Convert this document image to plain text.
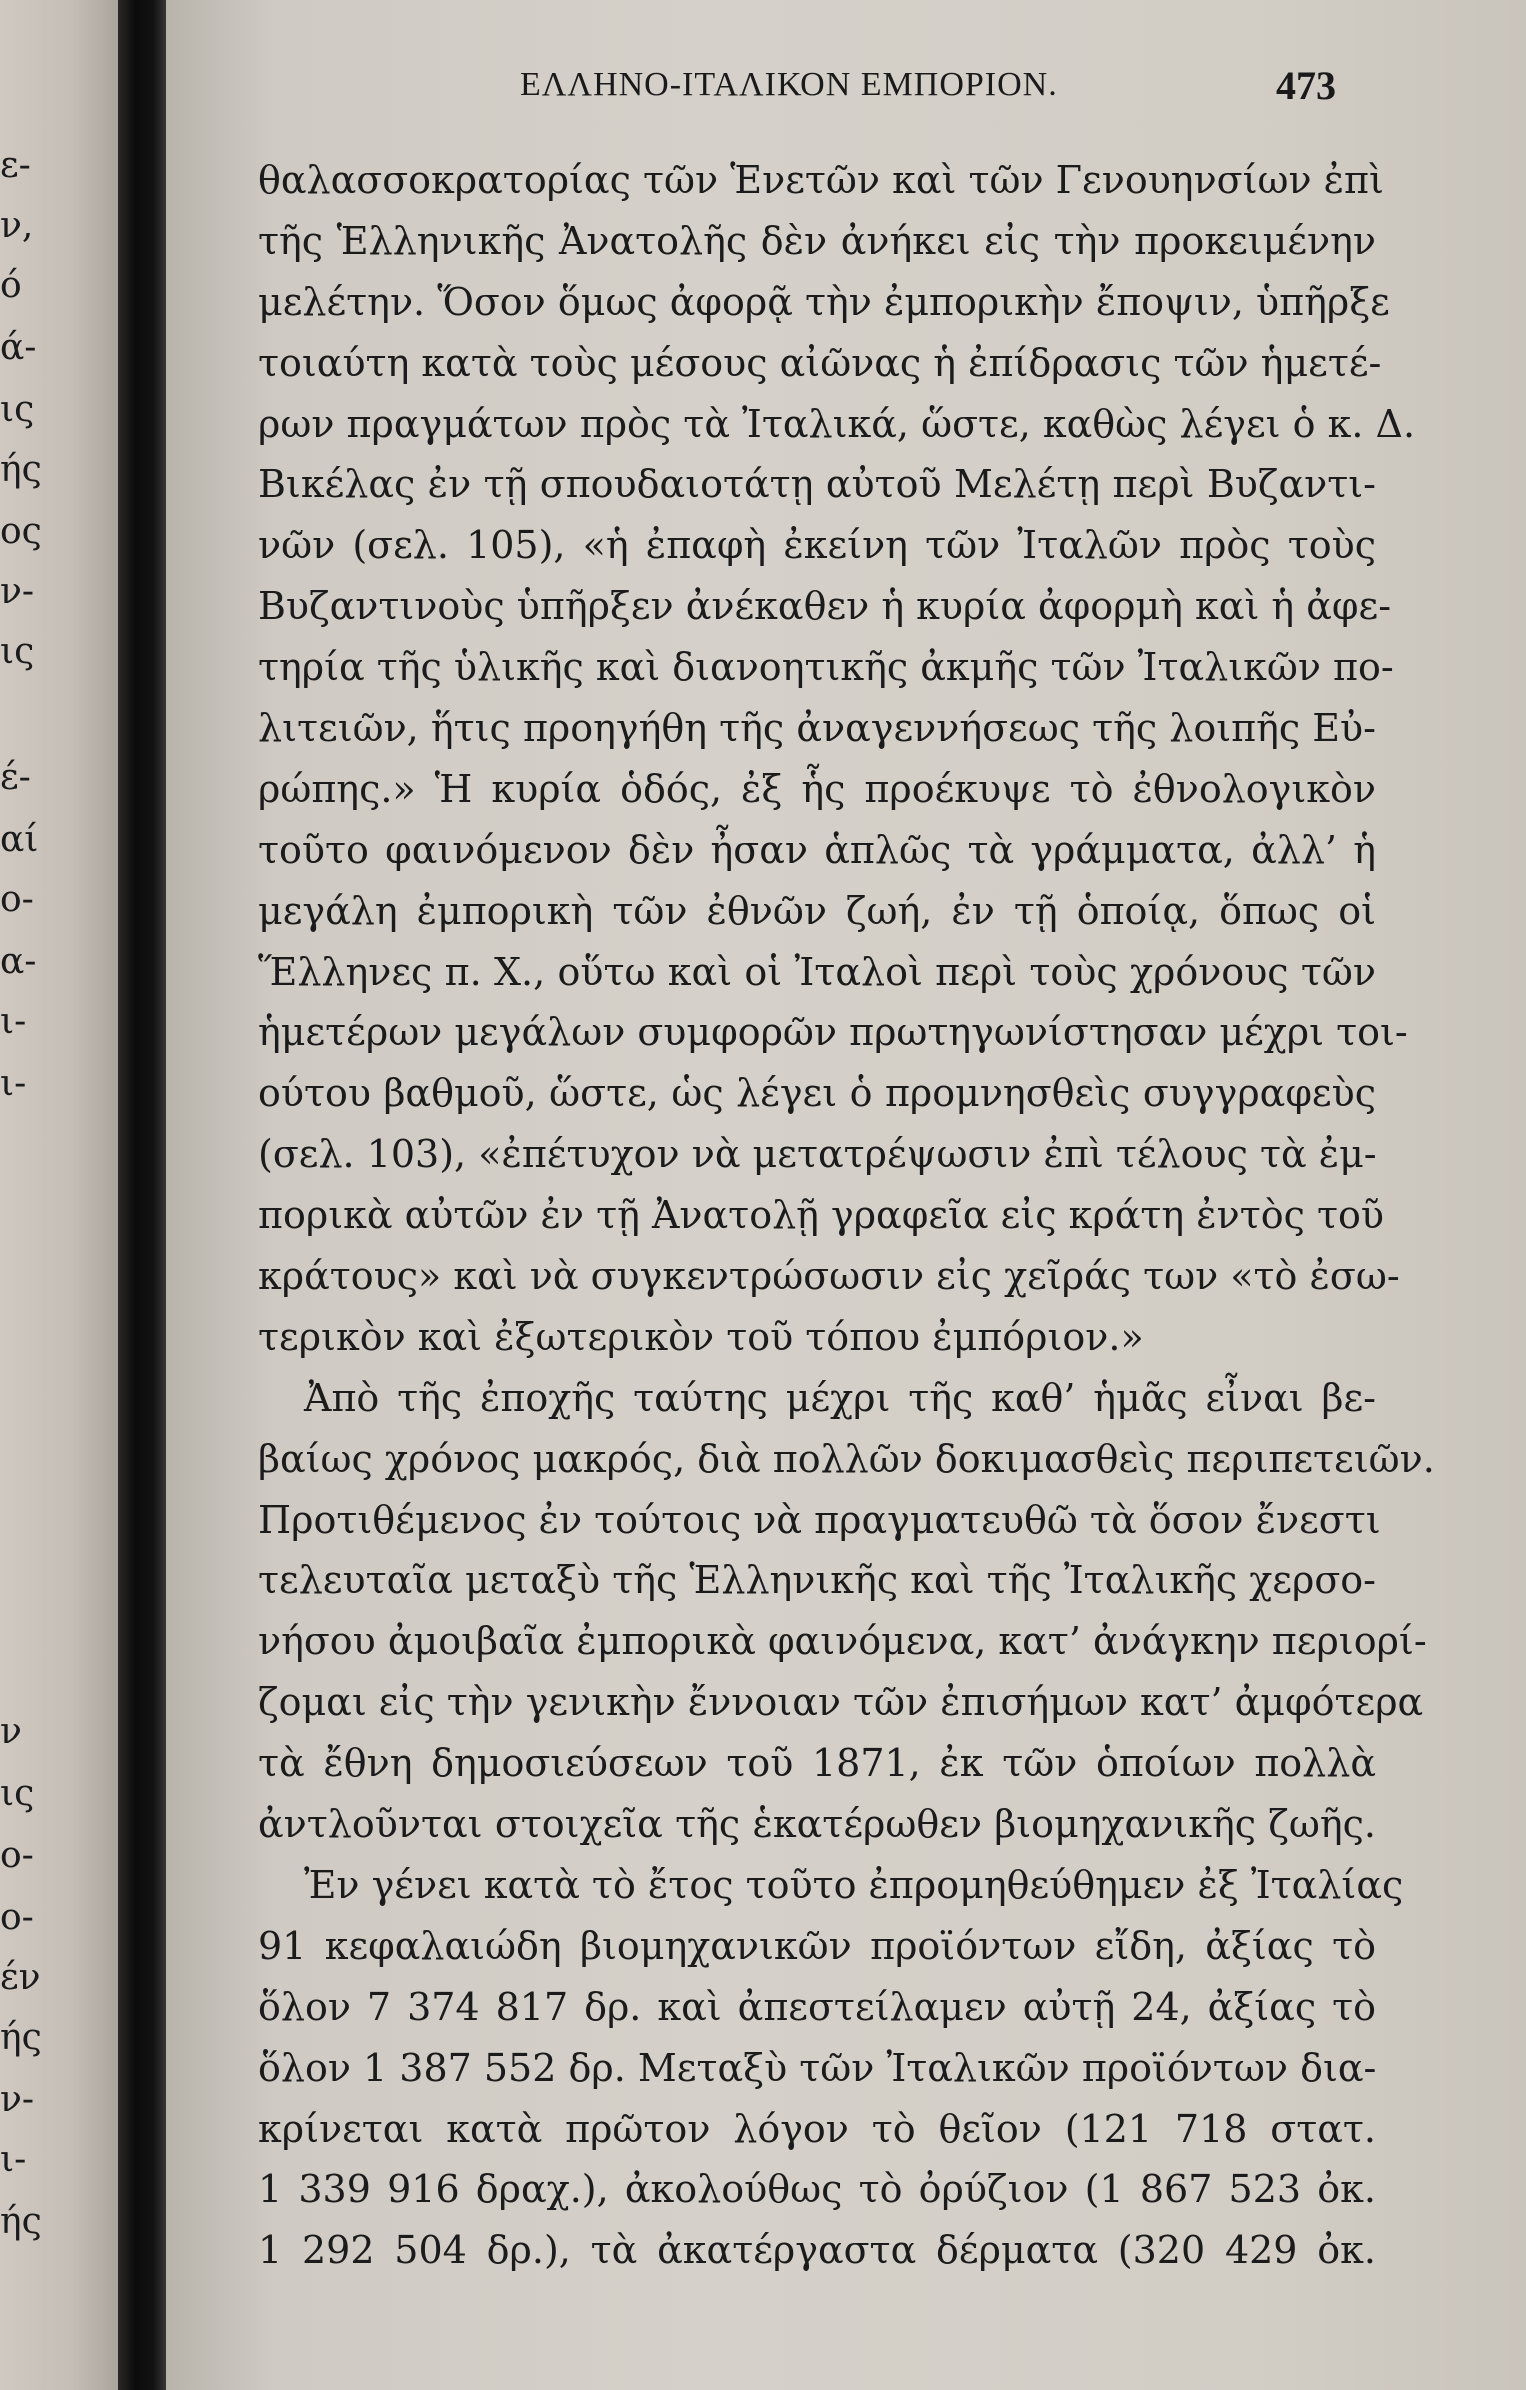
ε-
ν,
ό
ά-
ις
ής
ος
ν-
ις
έ-
αί
ο-
α-
ι-
ι-
ν
ις
ο-
ο-
έν
ής
ν-
ι-
ής
ΕΛΛΗΝΟ-ΙΤΑΛΙΚΟΝ ΕΜΠΟΡΙΟΝ.	473
θαλασσοκρατορίας τῶν Ἑνετῶν καὶ τῶν Γενουηνσίων ἐπὶ
τῆς Ἑλληνικῆς Ἀνατολῆς δὲν ἀνήκει εἰς τὴν προκειμένην
μελέτην. Ὅσον ὅμως ἀφορᾷ τὴν ἐμπορικὴν ἔποψιν, ὑπῆρξε
τοιαύτη κατὰ τοὺς μέσους αἰῶνας ἡ ἐπίδρασις τῶν ἡμετέ-
ρων πραγμάτων πρὸς τὰ Ἰταλικά, ὥστε, καθὼς λέγει ὁ κ. Δ.
Βικέλας ἐν τῇ σπουδαιοτάτῃ αὐτοῦ Μελέτῃ περὶ Βυζαντι-
νῶν (σελ. 105), «ἡ ἐπαφὴ ἐκείνη τῶν Ἰταλῶν πρὸς τοὺς
Βυζαντινοὺς ὑπῆρξεν ἀνέκαθεν ἡ κυρία ἀφορμὴ καὶ ἡ ἀφε-
τηρία τῆς ὑλικῆς καὶ διανοητικῆς ἀκμῆς τῶν Ἰταλικῶν πο-
λιτειῶν, ἥτις προηγήθη τῆς ἀναγεννήσεως τῆς λοιπῆς Εὐ-
ρώπης.» Ἡ κυρία ὁδός, ἐξ ἧς προέκυψε τὸ ἐθνολογικὸν
τοῦτο φαινόμενον δὲν ἦσαν ἁπλῶς τὰ γράμματα, ἀλλ’ ἡ
μεγάλη ἐμπορικὴ τῶν ἐθνῶν ζωή, ἐν τῇ ὁποίᾳ, ὅπως οἱ
Ἕλληνες π. Χ., οὕτω καὶ οἱ Ἰταλοὶ περὶ τοὺς χρόνους τῶν
ἡμετέρων μεγάλων συμφορῶν πρωτηγωνίστησαν μέχρι τοι-
ούτου βαθμοῦ, ὥστε, ὡς λέγει ὁ προμνησθεὶς συγγραφεὺς
(σελ. 103), «ἐπέτυχον νὰ μετατρέψωσιν ἐπὶ τέλους τὰ ἐμ-
πορικὰ αὐτῶν ἐν τῇ Ἀνατολῇ γραφεῖα εἰς κράτη ἐντὸς τοῦ
κράτους» καὶ νὰ συγκεντρώσωσιν εἰς χεῖράς των «τὸ ἐσω-
τερικὸν καὶ ἐξωτερικὸν τοῦ τόπου ἐμπόριον.»
Ἀπὸ τῆς ἐποχῆς ταύτης μέχρι τῆς καθ’ ἡμᾶς εἶναι βε-
βαίως χρόνος μακρός, διὰ πολλῶν δοκιμασθεὶς περιπετειῶν.
Προτιθέμενος ἐν τούτοις νὰ πραγματευθῶ τὰ ὅσον ἔνεστι
τελευταῖα μεταξὺ τῆς Ἑλληνικῆς καὶ τῆς Ἰταλικῆς χερσο-
νήσου ἀμοιβαῖα ἐμπορικὰ φαινόμενα, κατ’ ἀνάγκην περιορί-
ζομαι εἰς τὴν γενικὴν ἔννοιαν τῶν ἐπισήμων κατ’ ἀμφότερα
τὰ ἔθνη δημοσιεύσεων τοῦ 1871, ἐκ τῶν ὁποίων πολλὰ
ἀντλοῦνται στοιχεῖα τῆς ἑκατέρωθεν βιομηχανικῆς ζωῆς.
Ἐν γένει κατὰ τὸ ἔτος τοῦτο ἐπρομηθεύθημεν ἐξ Ἰταλίας
91 κεφαλαιώδη βιομηχανικῶν προϊόντων εἴδη, ἀξίας τὸ
ὅλον 7 374 817 δρ. καὶ ἀπεστείλαμεν αὐτῇ 24, ἀξίας τὸ
ὅλον 1 387 552 δρ. Μεταξὺ τῶν Ἰταλικῶν προϊόντων δια-
κρίνεται κατὰ πρῶτον λόγον τὸ θεῖον (121 718 στατ.
1 339 916 δραχ.), ἀκολούθως τὸ ὀρύζιον (1 867 523 ὀκ.
1 292 504 δρ.), τὰ ἀκατέργαστα δέρματα (320 429 ὀκ.
